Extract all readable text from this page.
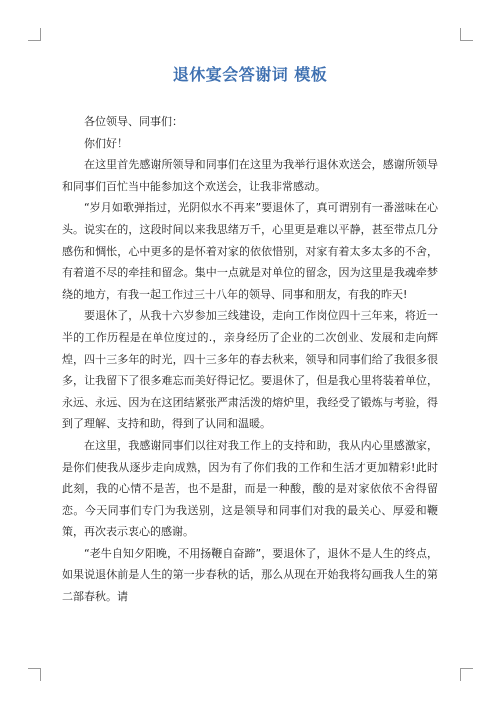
退休宴会答谢词 模板

各位领导、同事们：

你们好！

在这里首先感谢所领导和同事们在这里为我举行退休欢送会，感谢所领导和同事们百忙当中能参加这个欢送会，让我非常感动。

“岁月如歌弹指过，光阴似水不再来”要退休了，真可谓别有一番滋味在心头。说实在的，这段时间以来我思绪万千，心里更是难以平静，甚至带点几分感伤和惆怅，心中更多的是怀着对家的依依惜别，对家有着太多太多的不舍，有着道不尽的牵挂和留念。集中一点就是对单位的留念，因为这里是我魂牵梦绕的地方，有我一起工作过三十八年的领导、同事和朋友，有我的昨天!

要退休了，从我十六岁参加三线建设，走向工作岗位四十三年来，将近一半的工作历程是在单位度过的.，亲身经历了企业的二次创业、发展和走向辉煌，四十三多年的时光，四十三多年的春去秋来，领导和同事们给了我很多很多，让我留下了很多难忘而美好得记忆。要退休了，但是我心里将装着单位，永远、永远、因为在这团结紧张严肃活泼的熔炉里，我经受了锻炼与考验，得到了理解、支持和助，得到了认同和温暖。

在这里，我感谢同事们以往对我工作上的支持和助，我从内心里感激家，是你们使我从逐步走向成熟，因为有了你们我的工作和生活才更加精彩!此时此刻，我的心情不是苦，也不是甜，而是一种酸，酸的是对家依依不舍得留恋。今天同事们专门为我送别，这是领导和同事们对我的最关心、厚爱和鞭策，再次表示衷心的感谢。

“老牛自知夕阳晚，不用扬鞭自奋蹄”，要退休了，退休不是人生的终点，如果说退休前是人生的第一步春秋的话，那么从现在开始我将勾画我人生的第二部春秋。请
